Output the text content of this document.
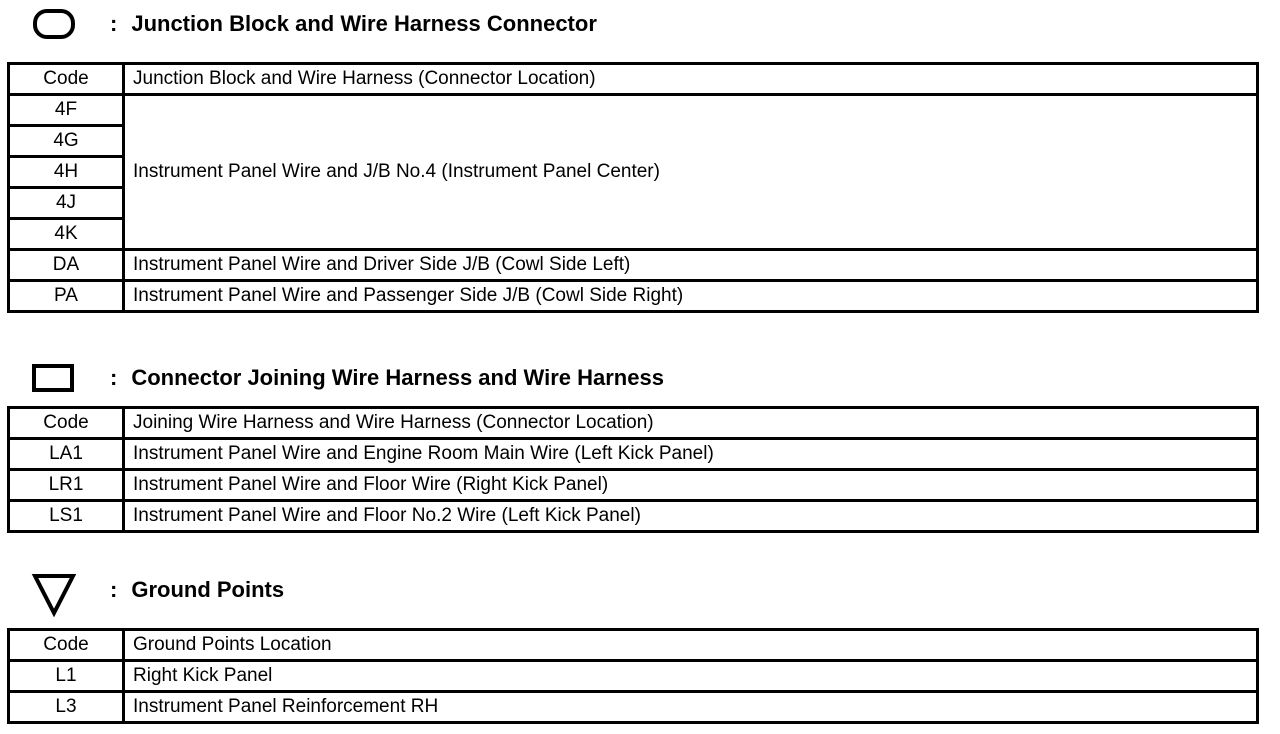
: Junction Block and Wire Harness Connector
Code	Junction Block and Wire Harness (Connector Location)
4F	Instrument Panel Wire and J/B No.4 (Instrument Panel Center)
4G	
4H	
4J	
4K	
DA	Instrument Panel Wire and Driver Side J/B (Cowl Side Left)
PA	Instrument Panel Wire and Passenger Side J/B (Cowl Side Right)
: Connector Joining Wire Harness and Wire Harness
Code	Joining Wire Harness and Wire Harness (Connector Location)
LA1	Instrument Panel Wire and Engine Room Main Wire (Left Kick Panel)
LR1	Instrument Panel Wire and Floor Wire (Right Kick Panel)
LS1	Instrument Panel Wire and Floor No.2 Wire (Left Kick Panel)
: Ground Points
Code	Ground Points Location
L1	Right Kick Panel
L3	Instrument Panel Reinforcement RH
